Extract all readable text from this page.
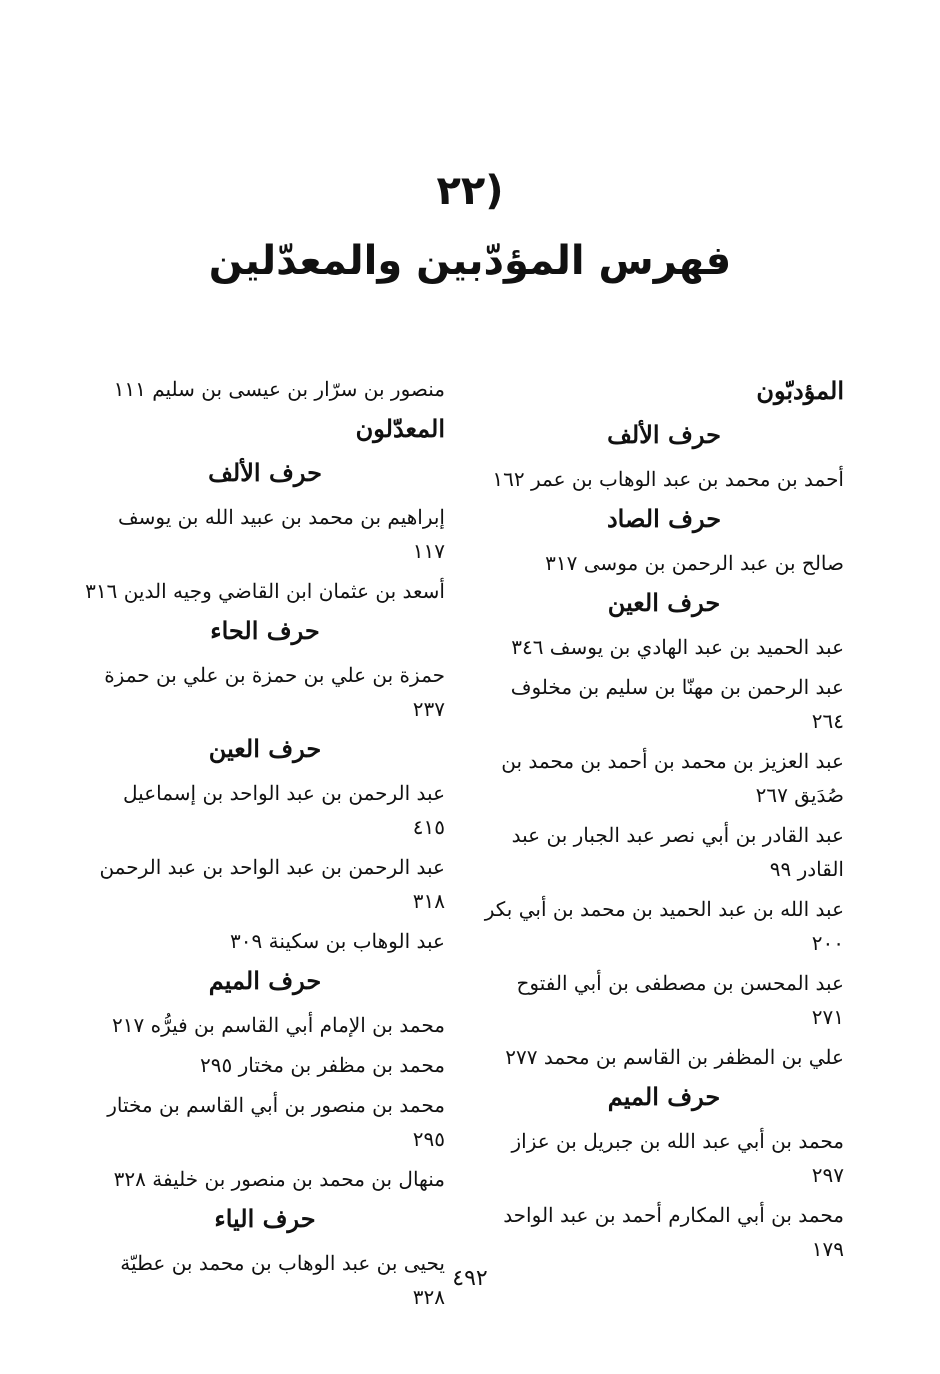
(٢٢
فهرس المؤدّبين والمعدّلين
المؤدبّون
حرف الألف
أحمد بن محمد بن عبد الوهاب بن عمر ١٦٢
حرف الصاد
صالح بن عبد الرحمن بن موسى ٣١٧
حرف العين
عبد الحميد بن عبد الهادي بن يوسف ٣٤٦
عبد الرحمن بن مهنّا بن سليم بن مخلوف ٢٦٤
عبد العزيز بن محمد بن أحمد بن محمد بن صُدَيق ٢٦٧
عبد القادر بن أبي نصر عبد الجبار بن عبد القادر ٩٩
عبد الله بن عبد الحميد بن محمد بن أبي بكر ٢٠٠
عبد المحسن بن مصطفى بن أبي الفتوح ٢٧١
علي بن المظفر بن القاسم بن محمد ٢٧٧
حرف الميم
محمد بن أبي عبد الله بن جبريل بن عزاز ٢٩٧
محمد بن أبي المكارم أحمد بن عبد الواحد ١٧٩
منصور بن سرّار بن عيسى بن سليم ١١١
المعدّلون
حرف الألف
إبراهيم بن محمد بن عبيد الله بن يوسف ١١٧
أسعد بن عثمان ابن القاضي وجيه الدين ٣١٦
حرف الحاء
حمزة بن علي بن حمزة بن علي بن حمزة ٢٣٧
حرف العين
عبد الرحمن بن عبد الواحد بن إسماعيل ٤١٥
عبد الرحمن بن عبد الواحد بن عبد الرحمن ٣١٨
عبد الوهاب بن سكينة ٣٠٩
حرف الميم
محمد بن الإمام أبي القاسم بن فيرُّه ٢١٧
محمد بن مظفر بن مختار ٢٩٥
محمد بن منصور بن أبي القاسم بن مختار ٢٩٥
منهال بن محمد بن منصور بن خليفة ٣٢٨
حرف الياء
يحيى بن عبد الوهاب بن محمد بن عطيّة ٣٢٨
٤٩٢
